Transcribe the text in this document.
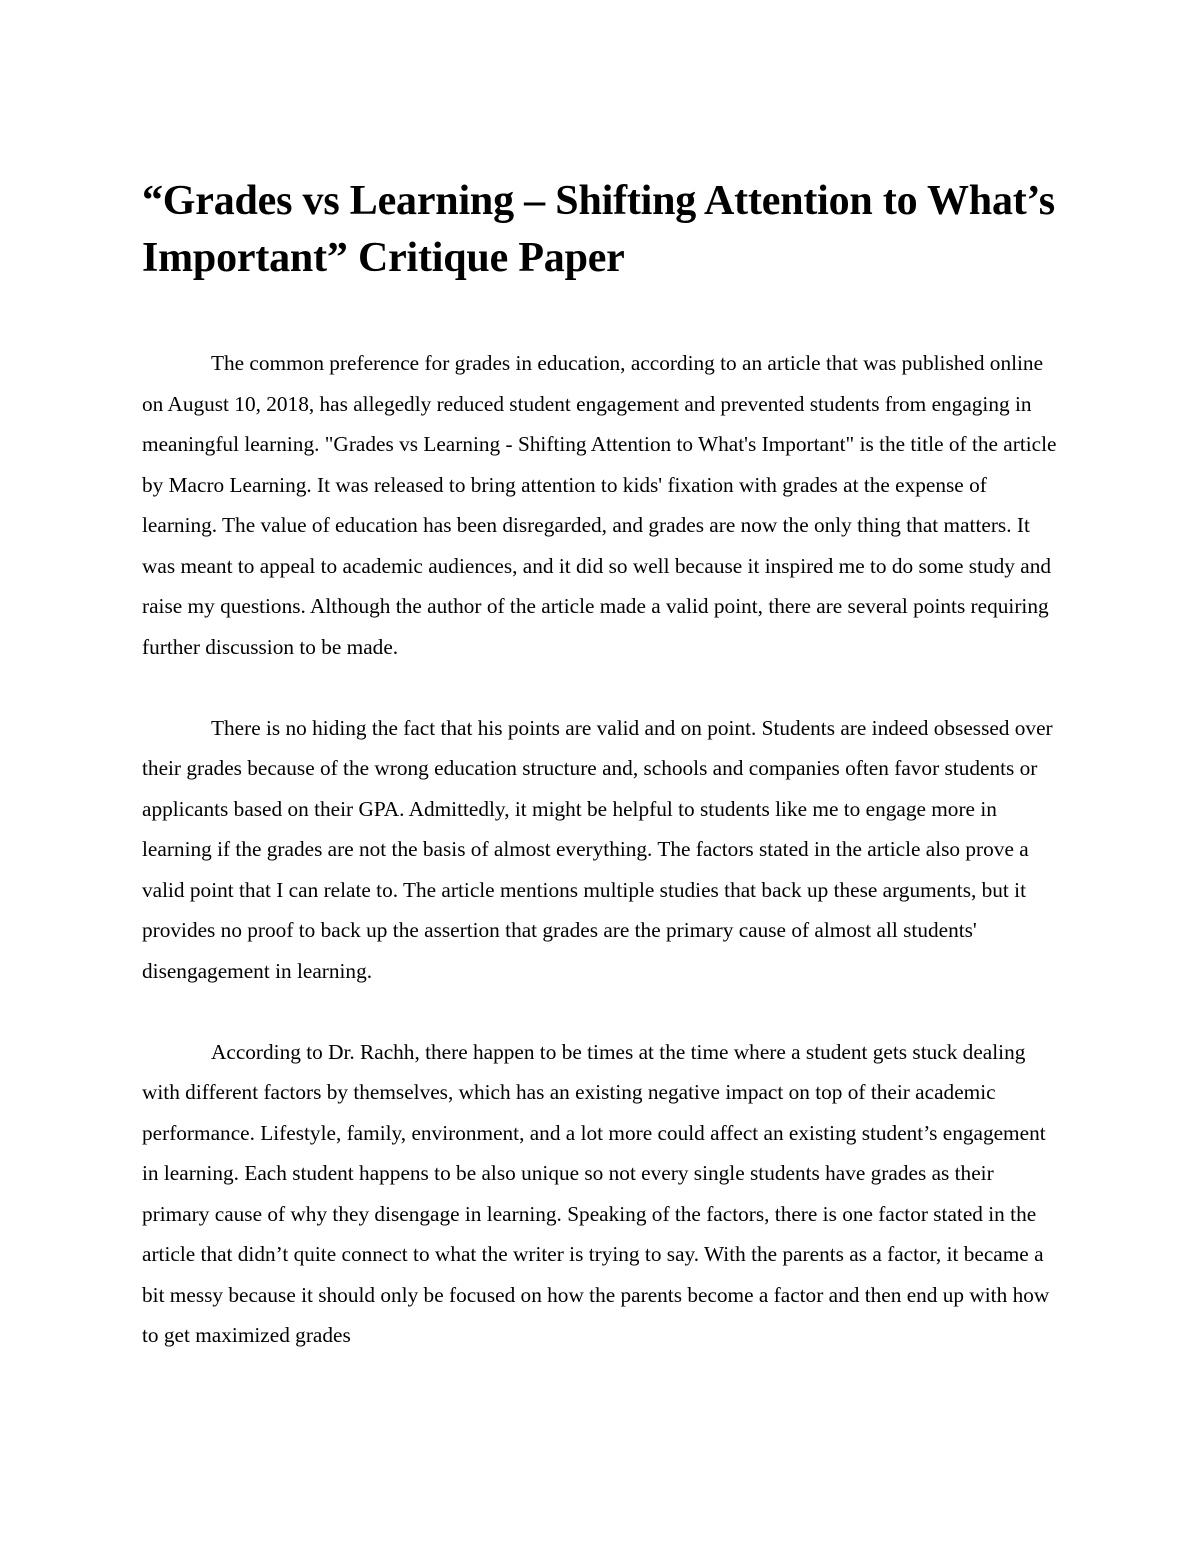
“Grades vs Learning – Shifting Attention to What’s Important” Critique Paper

The common preference for grades in education, according to an article that was published online on August 10, 2018, has allegedly reduced student engagement and prevented students from engaging in meaningful learning. "Grades vs Learning - Shifting Attention to What's Important" is the title of the article by Macro Learning. It was released to bring attention to kids' fixation with grades at the expense of learning. The value of education has been disregarded, and grades are now the only thing that matters. It was meant to appeal to academic audiences, and it did so well because it inspired me to do some study and raise my questions. Although the author of the article made a valid point, there are several points requiring further discussion to be made.

There is no hiding the fact that his points are valid and on point. Students are indeed obsessed over their grades because of the wrong education structure and, schools and companies often favor students or applicants based on their GPA. Admittedly, it might be helpful to students like me to engage more in learning if the grades are not the basis of almost everything. The factors stated in the article also prove a valid point that I can relate to. The article mentions multiple studies that back up these arguments, but it provides no proof to back up the assertion that grades are the primary cause of almost all students' disengagement in learning.

According to Dr. Rachh, there happen to be times at the time where a student gets stuck dealing with different factors by themselves, which has an existing negative impact on top of their academic performance. Lifestyle, family, environment, and a lot more could affect an existing student’s engagement in learning. Each student happens to be also unique so not every single students have grades as their primary cause of why they disengage in learning. Speaking of the factors, there is one factor stated in the article that didn’t quite connect to what the writer is trying to say. With the parents as a factor, it became a bit messy because it should only be focused on how the parents become a factor and then end up with how to get maximized grades
